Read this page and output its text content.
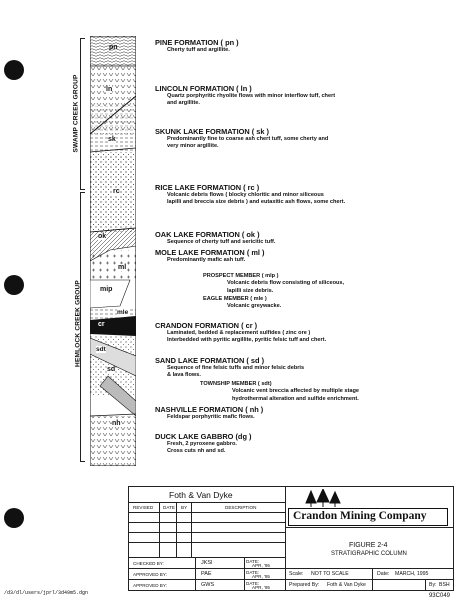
SWAMP CREEK GROUP
HEMLOCK CREEK GROUP
pn
ln
sk
rc
ok
ml
mip
mle
cr
sdt
sd
nh
PINE FORMATION ( pn )
Cherty tuff and argillite.
LINCOLN FORMATION ( ln )
Quartz porphyritic rhyolite flows with minor interflow tuff, chert
and argillite.
SKUNK LAKE FORMATION ( sk )
Predominantly fine to coarse ash chert tuff, some cherty and
very minor argillite.
RICE LAKE FORMATION ( rc )
Volcanic debris flows ( blocky chloritic and minor siliceous
lapilli and breccia size debris ) and eutaxitic ash flows, some chert.
OAK LAKE FORMATION ( ok )
Sequence of cherty tuff and sericitic tuff.
MOLE LAKE FORMATION ( ml )
Predominantly mafic ash tuff.
PROSPECT MEMBER ( mlp )
Volcanic debris flow consisting of siliceous,
lapilli size debris.
EAGLE MEMBER ( mle )
Volcanic greywacke.
CRANDON FORMATION ( cr )
Laminated, bedded & replacement sulfides ( zinc ore )
Interbedded with pyritic argillite, pyritic felsic tuff and chert.
SAND LAKE FORMATION ( sd )
Sequence of fine felsic tuffs and minor felsic debris
& lava flows.
TOWNSHIP MEMBER ( sdt)
Volcanic vent breccia affected by multiple stage
hydrothermal alteration and sulfide enrichment.
NASHVILLE FORMATION ( nh )
Feldspar porphyritic mafic flows.
DUCK LAKE GABBRO (dg )
Fresh, 2 pyroxene gabbro.
Cross cuts nh and sd.
Foth & Van Dyke
REVISED DATE BY	DESCRIPTION
CHECKED BY:	JKSl	DATE:
APR, '95
APPROVED BY:	PAE	DATE:
APR, '95
APPROVED BY:	GWS	DATE:
APR, '95
Crandon Mining Company
FIGURE 2-4
STRATIGRAPHIC COLUMN
Scale: NOT TO SCALE	Date: MARCH, 1995
Prepared By: Foth & Van Dyke	By: BSH
/d3/dl/users/jprl/3d49m5.dgn	93C049
